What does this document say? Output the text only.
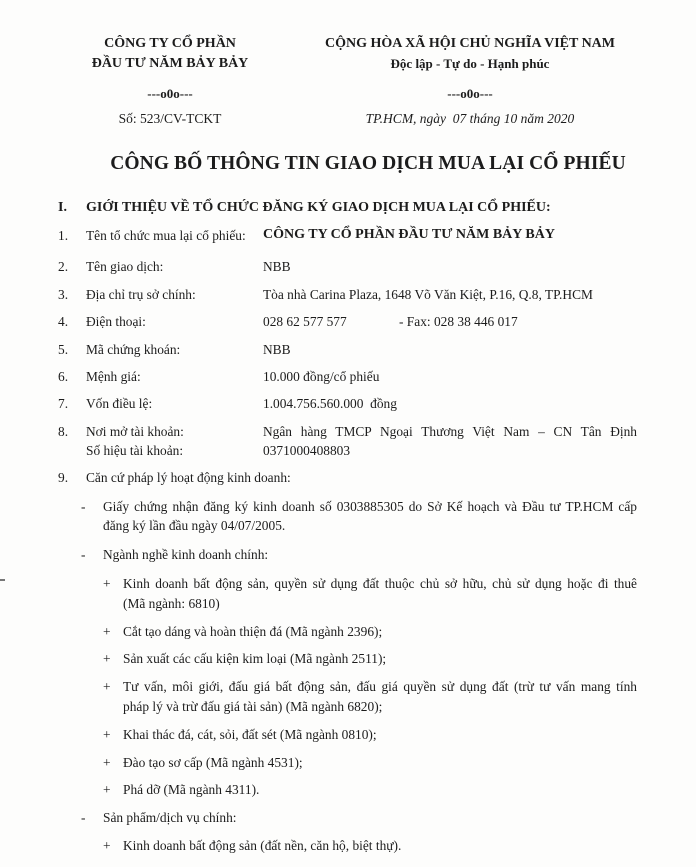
CÔNG TY CỔ PHẦN
ĐẦU TƯ NĂM BẢY BẢY
---o0o---
Số: 523/CV-TCKT
CỘNG HÒA XÃ HỘI CHỦ NGHĨA VIỆT NAM
Độc lập - Tự do - Hạnh phúc
---o0o---
TP.HCM, ngày  07 tháng 10 năm 2020
CÔNG BỐ THÔNG TIN GIAO DỊCH MUA LẠI CỔ PHIẾU
I. GIỚI THIỆU VỀ TỔ CHỨC ĐĂNG KÝ GIAO DỊCH MUA LẠI CỔ PHIẾU:
1. Tên tổ chức mua lại cổ phiếu: CÔNG TY CỔ PHẦN ĐẦU TƯ NĂM BẢY BẢY
2. Tên giao dịch:	NBB
3. Địa chỉ trụ sở chính:	Tòa nhà Carina Plaza, 1648 Võ Văn Kiệt, P.16, Q.8, TP.HCM
4. Điện thoại:	028 62 577 577	- Fax: 028 38 446 017
5. Mã chứng khoán:	NBB
6. Mệnh giá:	10.000 đồng/cổ phiếu
7. Vốn điều lệ:	1.004.756.560.000  đồng
8. Nơi mở tài khoản:	Ngân hàng TMCP Ngoại Thương Việt Nam – CN Tân Định
Số hiệu tài khoản:	0371000408803
9. Căn cứ pháp lý hoạt động kinh doanh:
- Giấy chứng nhận đăng ký kinh doanh số 0303885305 do Sở Kế hoạch và Đầu tư TP.HCM cấp
đăng ký lần đầu ngày 04/07/2005.
- Ngành nghề kinh doanh chính:
+ Kinh doanh bất động sản, quyền sử dụng đất thuộc chủ sở hữu, chủ sử dụng hoặc đi thuê
(Mã ngành: 6810)
+ Cắt tạo dáng và hoàn thiện đá (Mã ngành 2396);
+ Sản xuất các cấu kiện kim loại (Mã ngành 2511);
+ Tư vấn, môi giới, đấu giá bất động sản, đấu giá quyền sử dụng đất (trừ tư vấn mang tính
pháp lý và trừ đấu giá tài sản) (Mã ngành 6820);
+ Khai thác đá, cát, sỏi, đất sét (Mã ngành 0810);
+ Đào tạo sơ cấp (Mã ngành 4531);
+ Phá dỡ (Mã ngành 4311).
- Sản phẩm/dịch vụ chính:
+ Kinh doanh bất động sản (đất nền, căn hộ, biệt thự).
